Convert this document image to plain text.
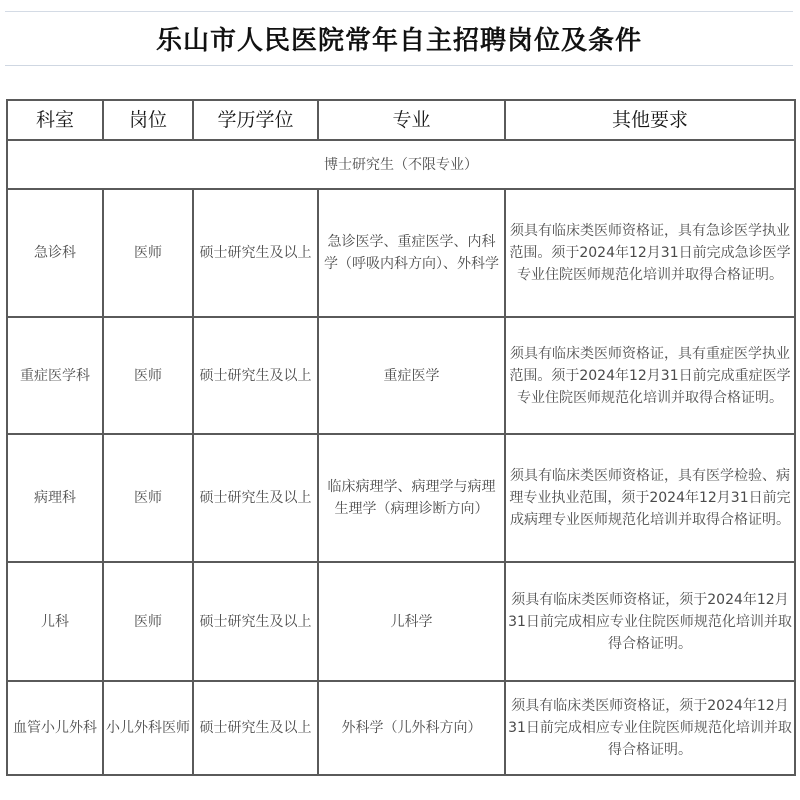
乐山市人民医院常年自主招聘岗位及条件
科室	岗位	学历学位	专业	其他要求
博士研究生（不限专业）				
急诊科	医师	硕士研究生及以上	急诊医学、重症医学、内科学（呼吸内科方向）、外科学	须具有临床类医师资格证，具有急诊医学执业范围。须于2024年12月31日前完成急诊医学专业住院医师规范化培训并取得合格证明。
重症医学科	医师	硕士研究生及以上	重症医学	须具有临床类医师资格证，具有重症医学执业范围。须于2024年12月31日前完成重症医学专业住院医师规范化培训并取得合格证明。
病理科	医师	硕士研究生及以上	临床病理学、病理学与病理生理学（病理诊断方向）	须具有临床类医师资格证，具有医学检验、病理专业执业范围，须于2024年12月31日前完成病理专业医师规范化培训并取得合格证明。
儿科	医师	硕士研究生及以上	儿科学	须具有临床类医师资格证，须于2024年12月31日前完成相应专业住院医师规范化培训并取得合格证明。
血管小儿外科	小儿外科医师	硕士研究生及以上	外科学（儿外科方向）	须具有临床类医师资格证，须于2024年12月31日前完成相应专业住院医师规范化培训并取得合格证明。
